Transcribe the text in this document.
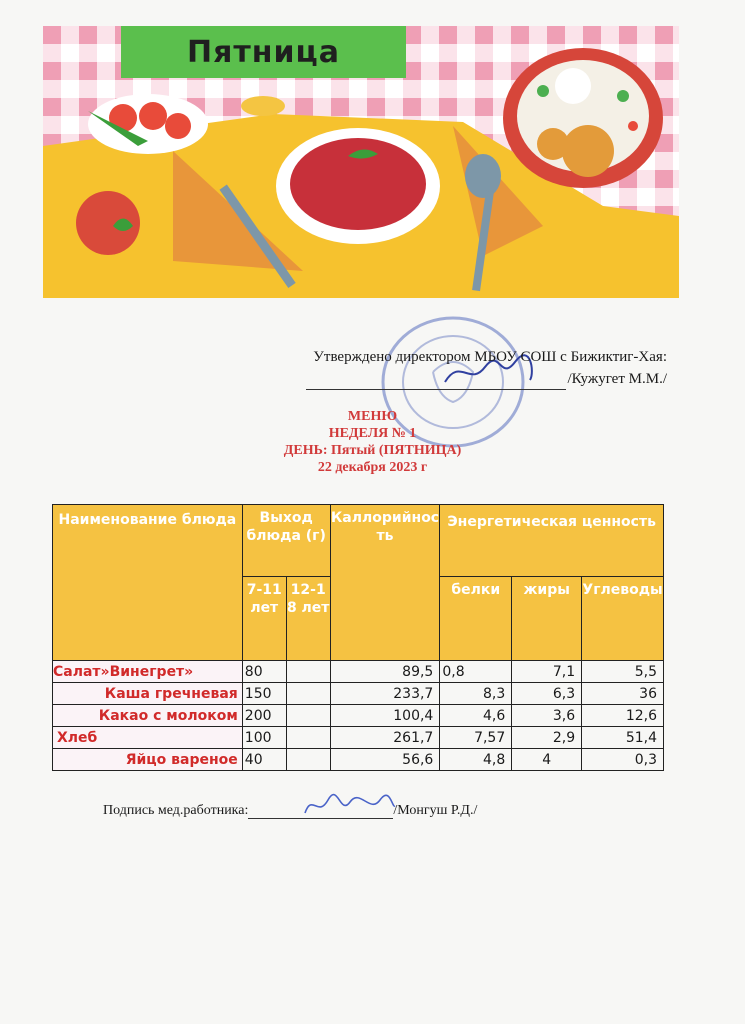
Пятница
Утверждено директором МБОУ СОШ с Бижиктиг-Хая:
/Кужугет М.М./
МЕНЮ
НЕДЕЛЯ № 1
ДЕНЬ: Пятый (ПЯТНИЦА)
22 декабря 2023 г
Наименование блюда	Выход блюда (г)		Каллорийность	Энергетическая ценность		
	7-11 лет	12-18 лет		белки	жиры	Углеводы
Салат»Винегрет»	80		89,5	0,8	7,1	5,5
Каша гречневая	150		233,7	8,3	6,3	36
Какао с молоком	200		100,4	4,6	3,6	12,6
Хлеб	100		261,7	7,57	2,9	51,4
Яйцо вареное	40		56,6	4,8	4	0,3
Подпись мед.работника:	/Монгуш Р.Д./
